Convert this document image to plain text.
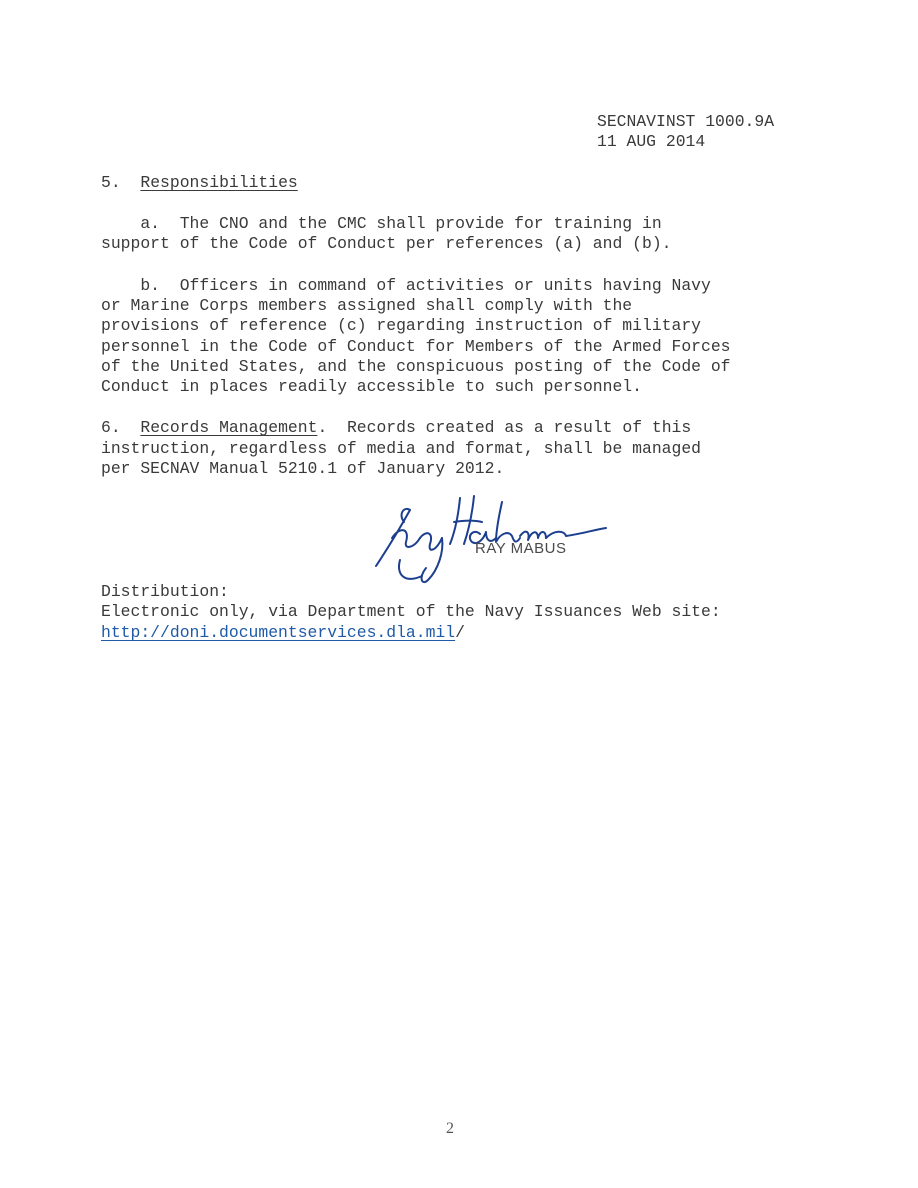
SECNAVINST 1000.9A
11 AUG 2014
5. Responsibilities
a.  The CNO and the CMC shall provide for training in
support of the Code of Conduct per references (a) and (b).
b.  Officers in command of activities or units having Navy
or Marine Corps members assigned shall comply with the
provisions of reference (c) regarding instruction of military
personnel in the Code of Conduct for Members of the Armed Forces
of the United States, and the conspicuous posting of the Code of
Conduct in places readily accessible to such personnel.
6. Records Management.  Records created as a result of this
instruction, regardless of media and format, shall be managed
per SECNAV Manual 5210.1 of January 2012.
RAY MABUS
Distribution:
Electronic only, via Department of the Navy Issuances Web site:
http://doni.documentservices.dla.mil/
2
